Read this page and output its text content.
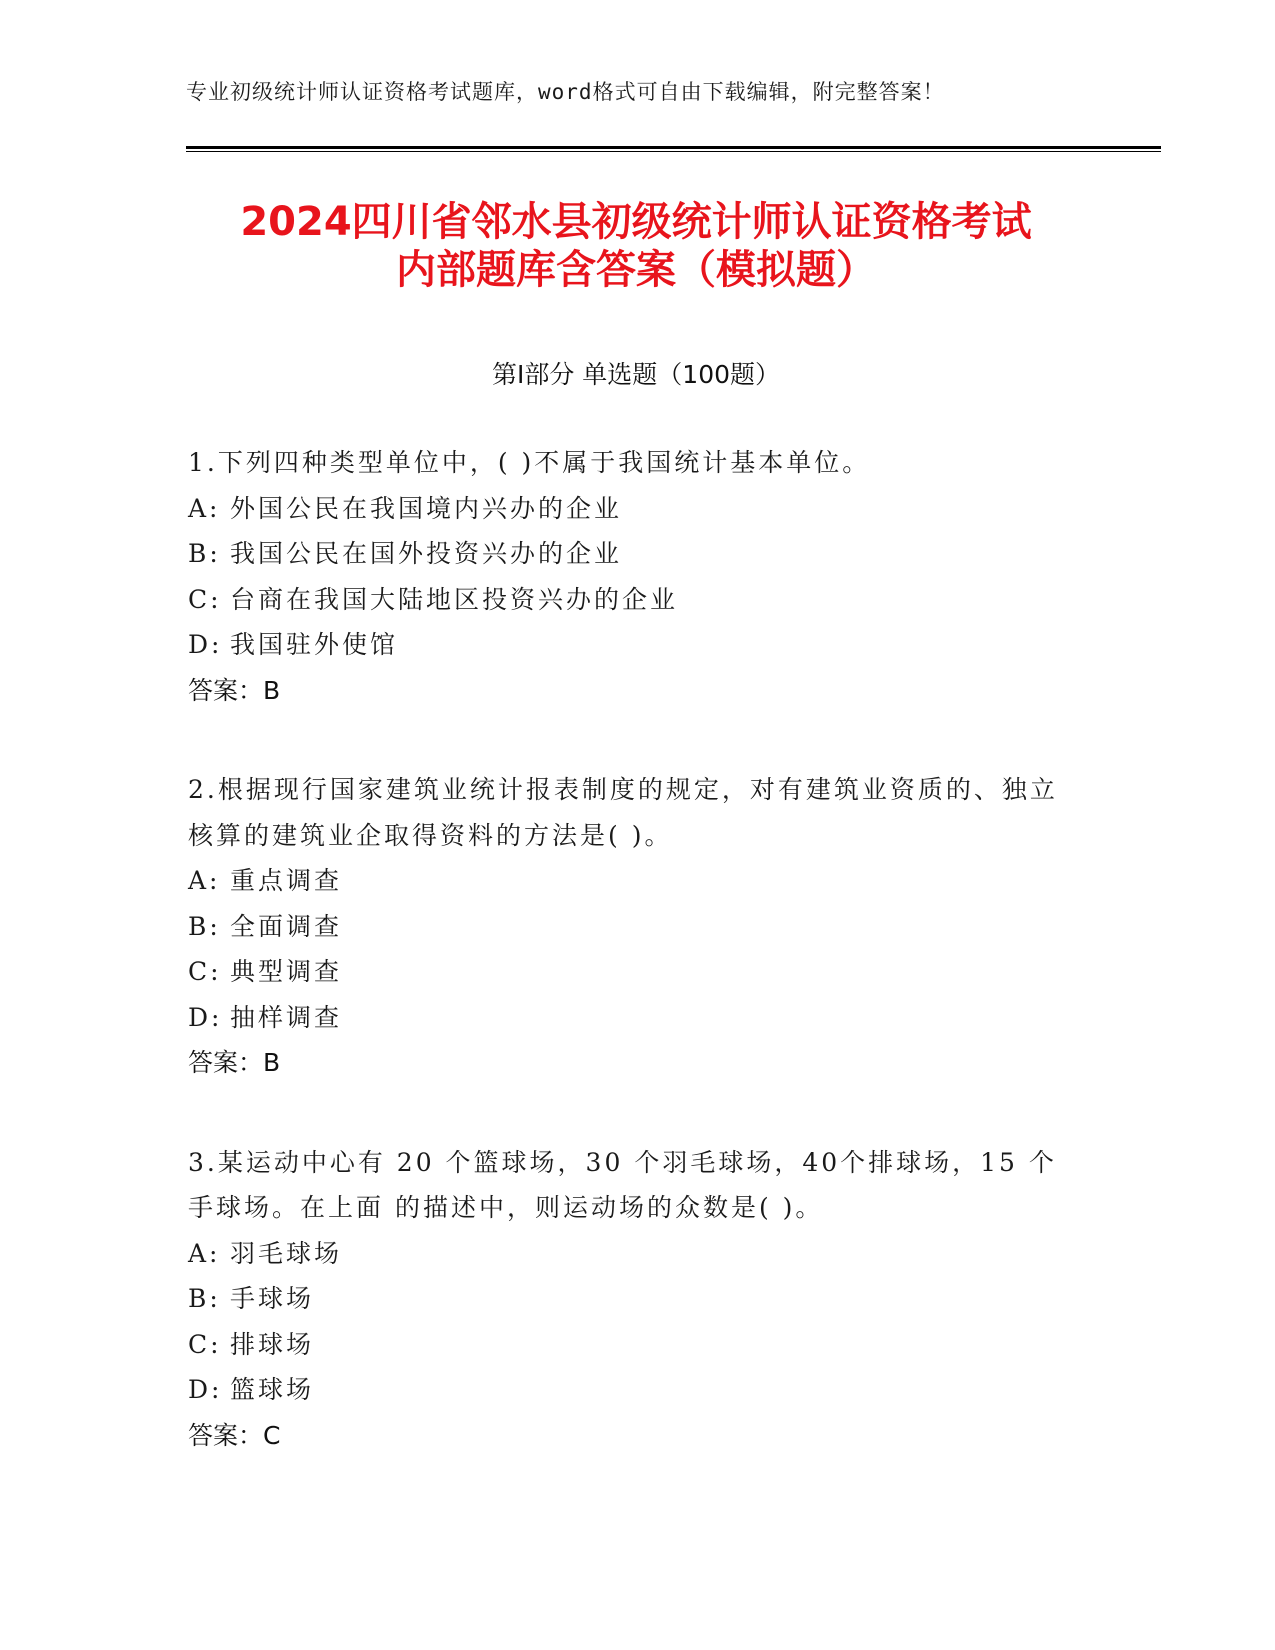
专业初级统计师认证资格考试题库，word格式可自由下载编辑，附完整答案！
2024四川省邻水县初级统计师认证资格考试
内部题库含答案（模拟题）
第Ⅰ部分 单选题（100题）
1.下列四种类型单位中，( )不属于我国统计基本单位。
A: 外国公民在我国境内兴办的企业
B: 我国公民在国外投资兴办的企业
C: 台商在我国大陆地区投资兴办的企业
D: 我国驻外使馆
答案：B
2.根据现行国家建筑业统计报表制度的规定，对有建筑业资质的、独立核算的建筑业企取得资料的方法是( )。
A: 重点调查
B: 全面调查
C: 典型调查
D: 抽样调查
答案：B
3.某运动中心有 20 个篮球场，30 个羽毛球场，40个排球场，15 个手球场。在上面 的描述中，则运动场的众数是( )。
A: 羽毛球场
B: 手球场
C: 排球场
D: 篮球场
答案：C
